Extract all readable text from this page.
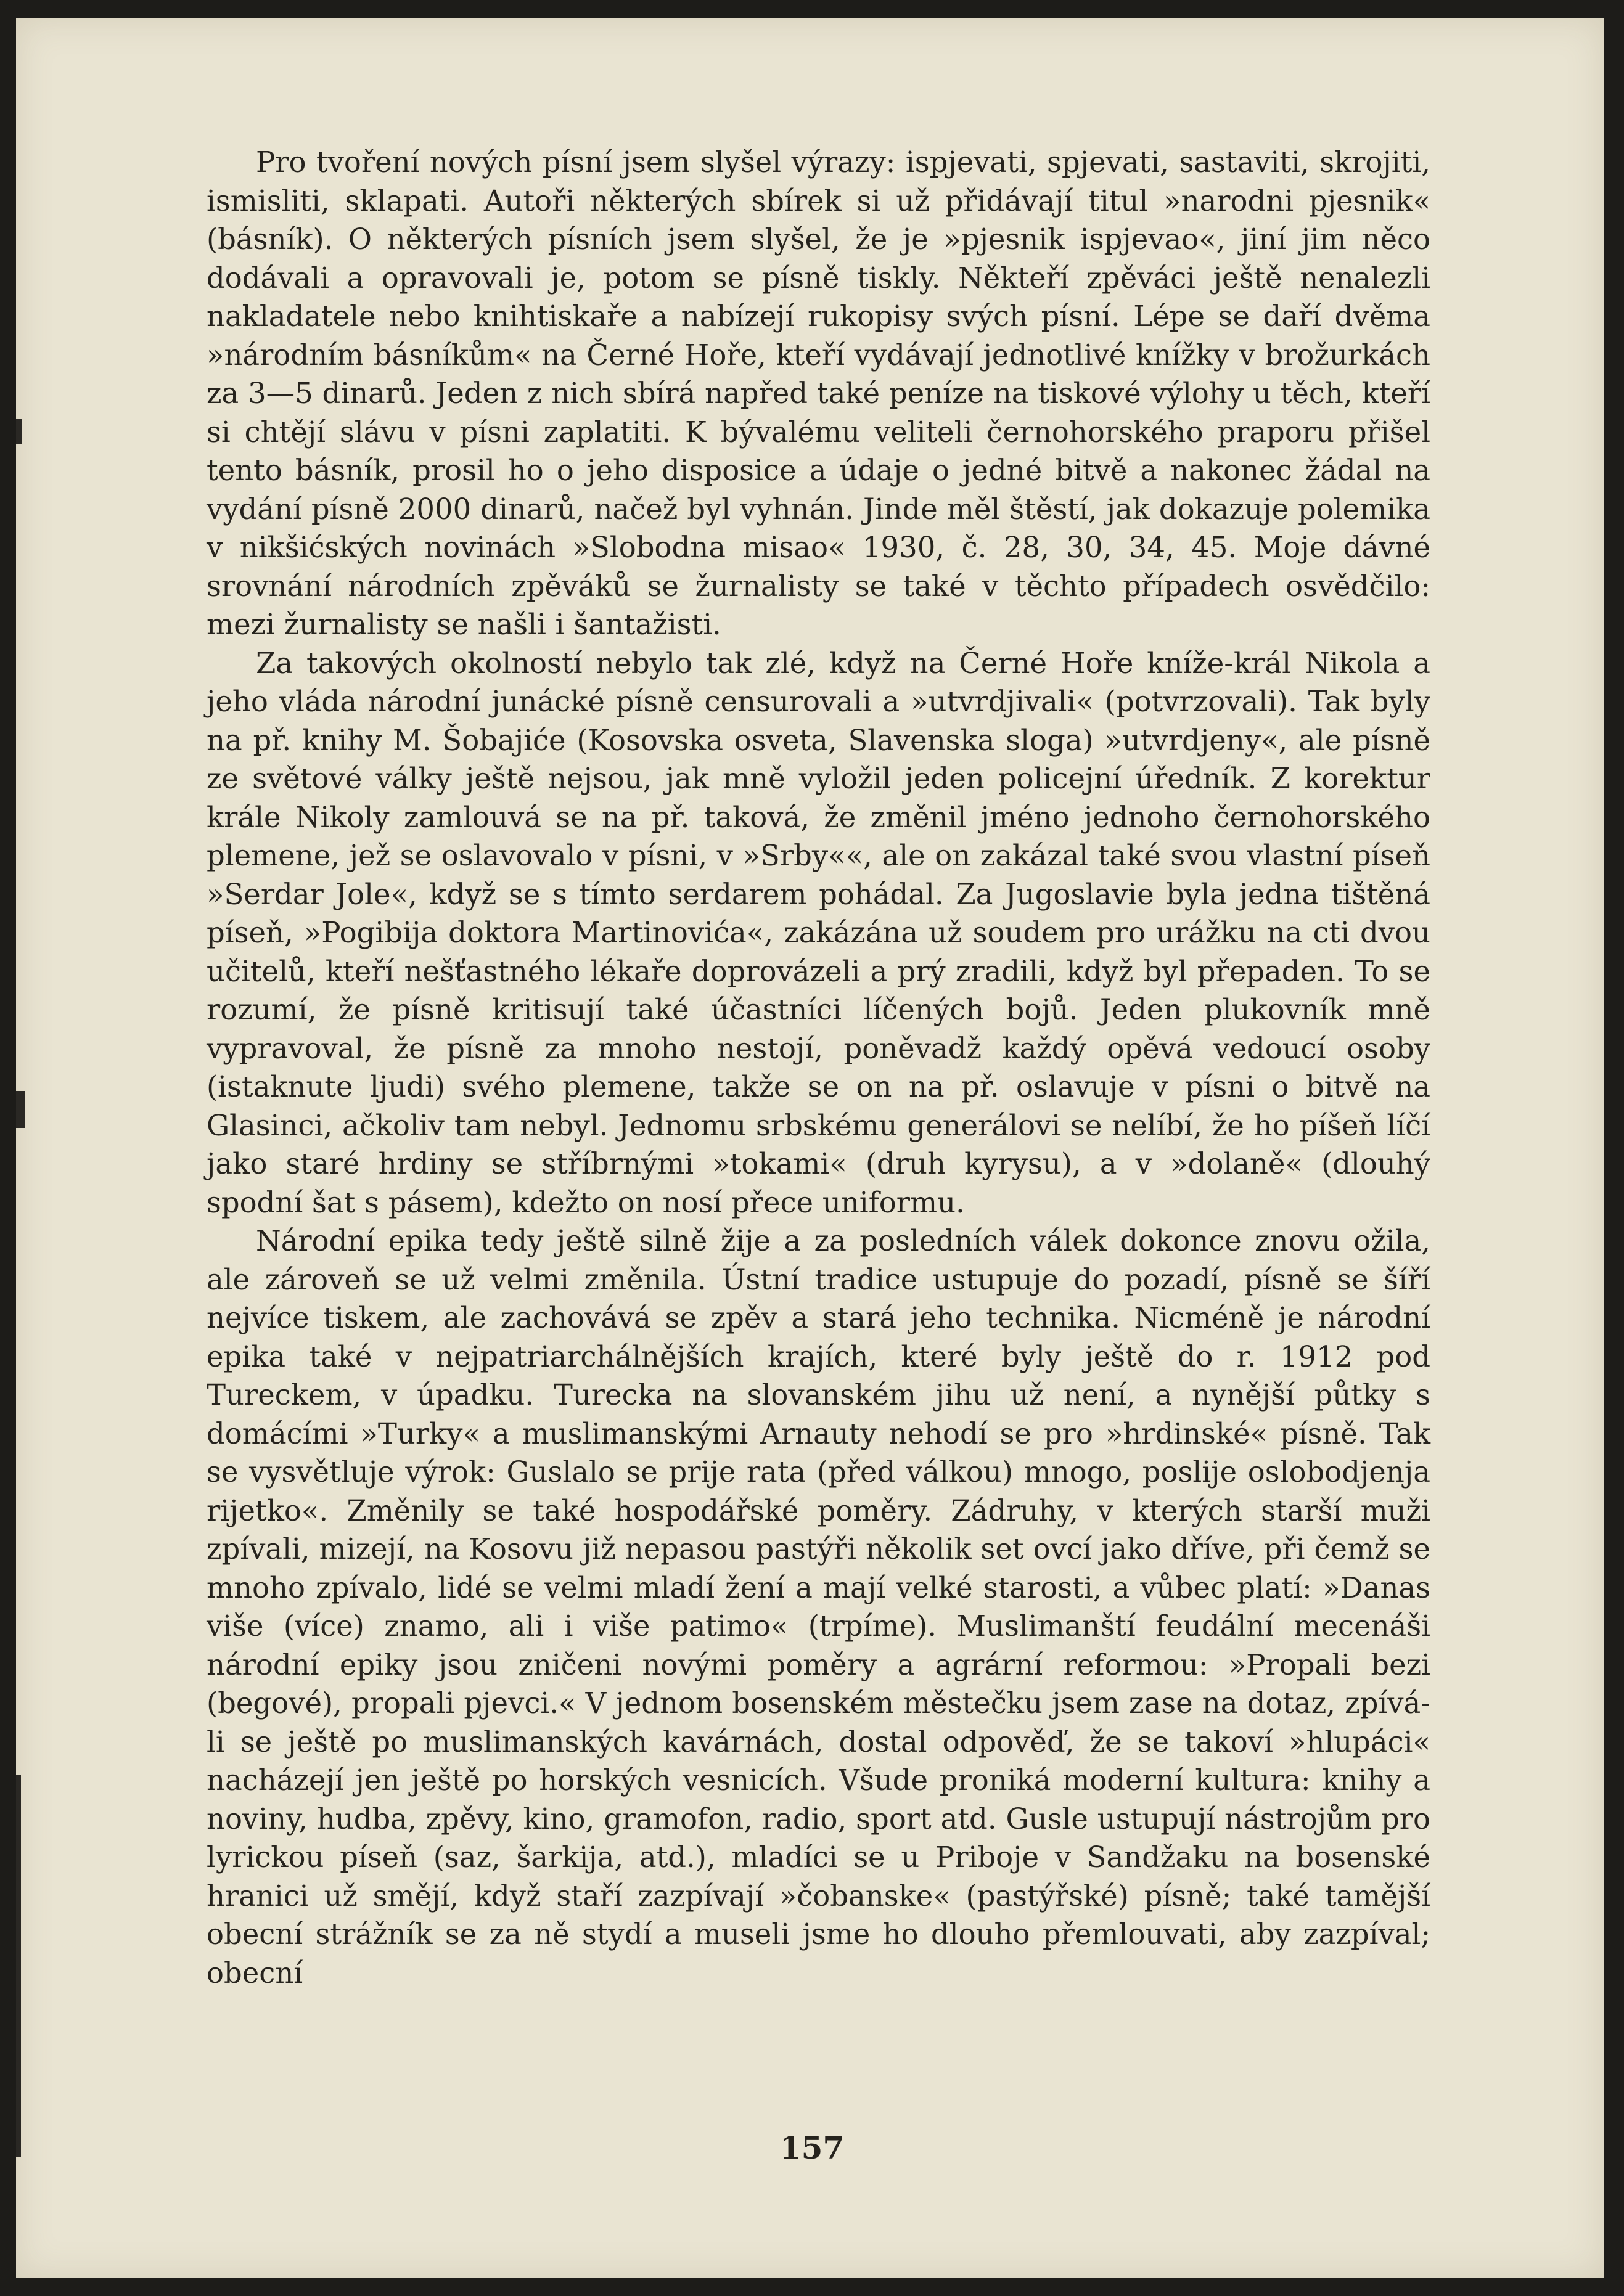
Pro tvoření nových písní jsem slyšel výrazy: ispjevati, spjevati, sastaviti, skrojiti, ismisliti, sklapati. Autoři některých sbírek si už přidávají titul »narodni pjesnik« (básník). O některých písních jsem slyšel, že je »pjesnik ispjevao«, jiní jim něco dodávali a opravovali je, potom se písně tiskly. Někteří zpěváci ještě nenalezli nakladatele nebo knihtiskaře a nabízejí rukopisy svých písní. Lépe se daří dvěma »národním básníkům« na Černé Hoře, kteří vydávají jednotlivé knížky v brožurkách za 3—5 dinarů. Jeden z nich sbírá napřed také peníze na tiskové výlohy u těch, kteří si chtějí slávu v písni zaplatiti. K bývalému veliteli černohorského praporu přišel tento básník, prosil ho o jeho disposice a údaje o jedné bitvě a nakonec žádal na vydání písně 2000 dinarů, načež byl vyhnán. Jinde měl štěstí, jak dokazuje polemika v nikšićských novinách »Slobodna misao« 1930, č. 28, 30, 34, 45. Moje dávné srovnání národních zpěváků se žurnalisty se také v těchto případech osvědčilo: mezi žurnalisty se našli i šantažisti.

Za takových okolností nebylo tak zlé, když na Černé Hoře kníže-král Nikola a jeho vláda národní junácké písně censurovali a »utvrdjivali« (potvrzovali). Tak byly na př. knihy M. Šobajiće (Kosovska osveta, Slavenska sloga) »utvrdjeny«, ale písně ze světové války ještě nejsou, jak mně vyložil jeden policejní úředník. Z korektur krále Nikoly zamlouvá se na př. taková, že změnil jméno jednoho černohorského plemene, jež se oslavovalo v písni, v »Srby««, ale on zakázal také svou vlastní píseň »Serdar Jole«, když se s tímto serdarem pohádal. Za Jugoslavie byla jedna tištěná píseň, »Pogibija doktora Martinovića«, zakázána už soudem pro urážku na cti dvou učitelů, kteří nešťastného lékaře doprovázeli a prý zradili, když byl přepaden. To se rozumí, že písně kritisují také účastníci líčených bojů. Jeden plukovník mně vypravoval, že písně za mnoho nestojí, poněvadž každý opěvá vedoucí osoby (istaknute ljudi) svého plemene, takže se on na př. oslavuje v písni o bitvě na Glasinci, ačkoliv tam nebyl. Jednomu srbskému generálovi se nelíbí, že ho píšeň líčí jako staré hrdiny se stříbrnými »tokami« (druh kyrysu), a v »dolaně« (dlouhý spodní šat s pásem), kdežto on nosí přece uniformu.

Národní epika tedy ještě silně žije a za posledních válek dokonce znovu ožila, ale zároveň se už velmi změnila. Ústní tradice ustupuje do pozadí, písně se šíří nejvíce tiskem, ale zachovává se zpěv a stará jeho technika. Nicméně je národní epika také v nejpatriarchálnějších krajích, které byly ještě do r. 1912 pod Tureckem, v úpadku. Turecka na slovanském jihu už není, a nynější půtky s domácími »Turky« a muslimanskými Arnauty nehodí se pro »hrdinské« písně. Tak se vysvětluje výrok: Guslalo se prije rata (před válkou) mnogo, poslije oslobodjenja rijetko«. Změnily se také hospodářské poměry. Zádruhy, v kterých starší muži zpívali, mizejí, na Kosovu již nepasou pastýři několik set ovcí jako dříve, při čemž se mnoho zpívalo, lidé se velmi mladí žení a mají velké starosti, a vůbec platí: »Danas više (více) znamo, ali i više patimo« (trpíme). Muslimanští feudální mecenáši národní epiky jsou zničeni novými poměry a agrární reformou: »Propali bezi (begové), propali pjevci.« V jednom bosenském městečku jsem zase na dotaz, zpívá-li se ještě po muslimanských kavárnách, dostal odpověď, že se takoví »hlupáci« nacházejí jen ještě po horských vesnicích. Všude proniká moderní kultura: knihy a noviny, hudba, zpěvy, kino, gramofon, radio, sport atd. Gusle ustupují nástrojům pro lyrickou píseň (saz, šarkija, atd.), mladíci se u Priboje v Sandžaku na bosenské hranici už smějí, když staří zazpívají »čobanske« (pastýřské) písně; také tamější obecní strážník se za ně stydí a museli jsme ho dlouho přemlouvati, aby zazpíval; obecní

157
